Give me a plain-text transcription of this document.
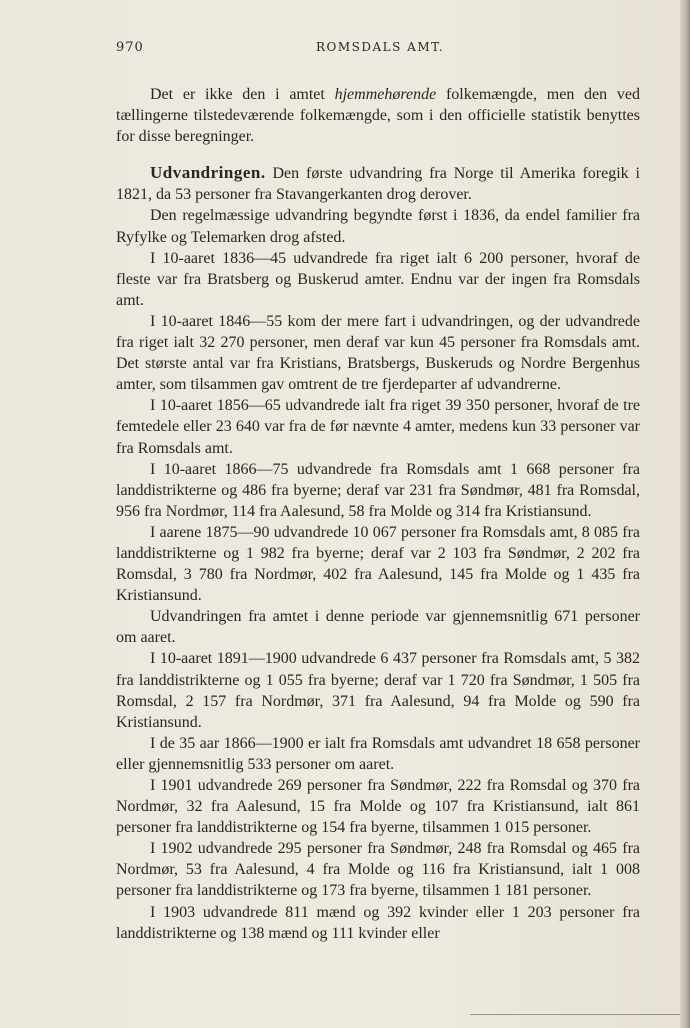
970	ROMSDALS AMT.

Det er ikke den i amtet hjemmehørende folkemængde, men den ved tællingerne tilstedeværende folkemængde, som i den officielle statistik benyttes for disse beregninger.

Udvandringen. Den første udvandring fra Norge til Amerika foregik i 1821, da 53 personer fra Stavangerkanten drog derover.

Den regelmæssige udvandring begyndte først i 1836, da endel familier fra Ryfylke og Telemarken drog afsted.

I 10-aaret 1836—45 udvandrede fra riget ialt 6 200 personer, hvoraf de fleste var fra Bratsberg og Buskerud amter. Endnu var der ingen fra Romsdals amt.

I 10-aaret 1846—55 kom der mere fart i udvandringen, og der udvandrede fra riget ialt 32 270 personer, men deraf var kun 45 personer fra Romsdals amt. Det største antal var fra Kristians, Bratsbergs, Buskeruds og Nordre Bergenhus amter, som tilsammen gav omtrent de tre fjerdeparter af udvandrerne.

I 10-aaret 1856—65 udvandrede ialt fra riget 39 350 personer, hvoraf de tre femtedele eller 23 640 var fra de før nævnte 4 amter, medens kun 33 personer var fra Romsdals amt.

I 10-aaret 1866—75 udvandrede fra Romsdals amt 1 668 personer fra landdistrikterne og 486 fra byerne; deraf var 231 fra Søndmør, 481 fra Romsdal, 956 fra Nordmør, 114 fra Aalesund, 58 fra Molde og 314 fra Kristiansund.

I aarene 1875—90 udvandrede 10 067 personer fra Romsdals amt, 8 085 fra landdistrikterne og 1 982 fra byerne; deraf var 2 103 fra Søndmør, 2 202 fra Romsdal, 3 780 fra Nordmør, 402 fra Aalesund, 145 fra Molde og 1 435 fra Kristiansund.

Udvandringen fra amtet i denne periode var gjennemsnitlig 671 personer om aaret.

I 10-aaret 1891—1900 udvandrede 6 437 personer fra Romsdals amt, 5 382 fra landdistrikterne og 1 055 fra byerne; deraf var 1 720 fra Søndmør, 1 505 fra Romsdal, 2 157 fra Nordmør, 371 fra Aalesund, 94 fra Molde og 590 fra Kristiansund.

I de 35 aar 1866—1900 er ialt fra Romsdals amt udvandret 18 658 personer eller gjennemsnitlig 533 personer om aaret.

I 1901 udvandrede 269 personer fra Søndmør, 222 fra Romsdal og 370 fra Nordmør, 32 fra Aalesund, 15 fra Molde og 107 fra Kristiansund, ialt 861 personer fra landdistrikterne og 154 fra byerne, tilsammen 1 015 personer.

I 1902 udvandrede 295 personer fra Søndmør, 248 fra Romsdal og 465 fra Nordmør, 53 fra Aalesund, 4 fra Molde og 116 fra Kristiansund, ialt 1 008 personer fra landdistrikterne og 173 fra byerne, tilsammen 1 181 personer.

I 1903 udvandrede 811 mænd og 392 kvinder eller 1 203 personer fra landdistrikterne og 138 mænd og 111 kvinder eller
